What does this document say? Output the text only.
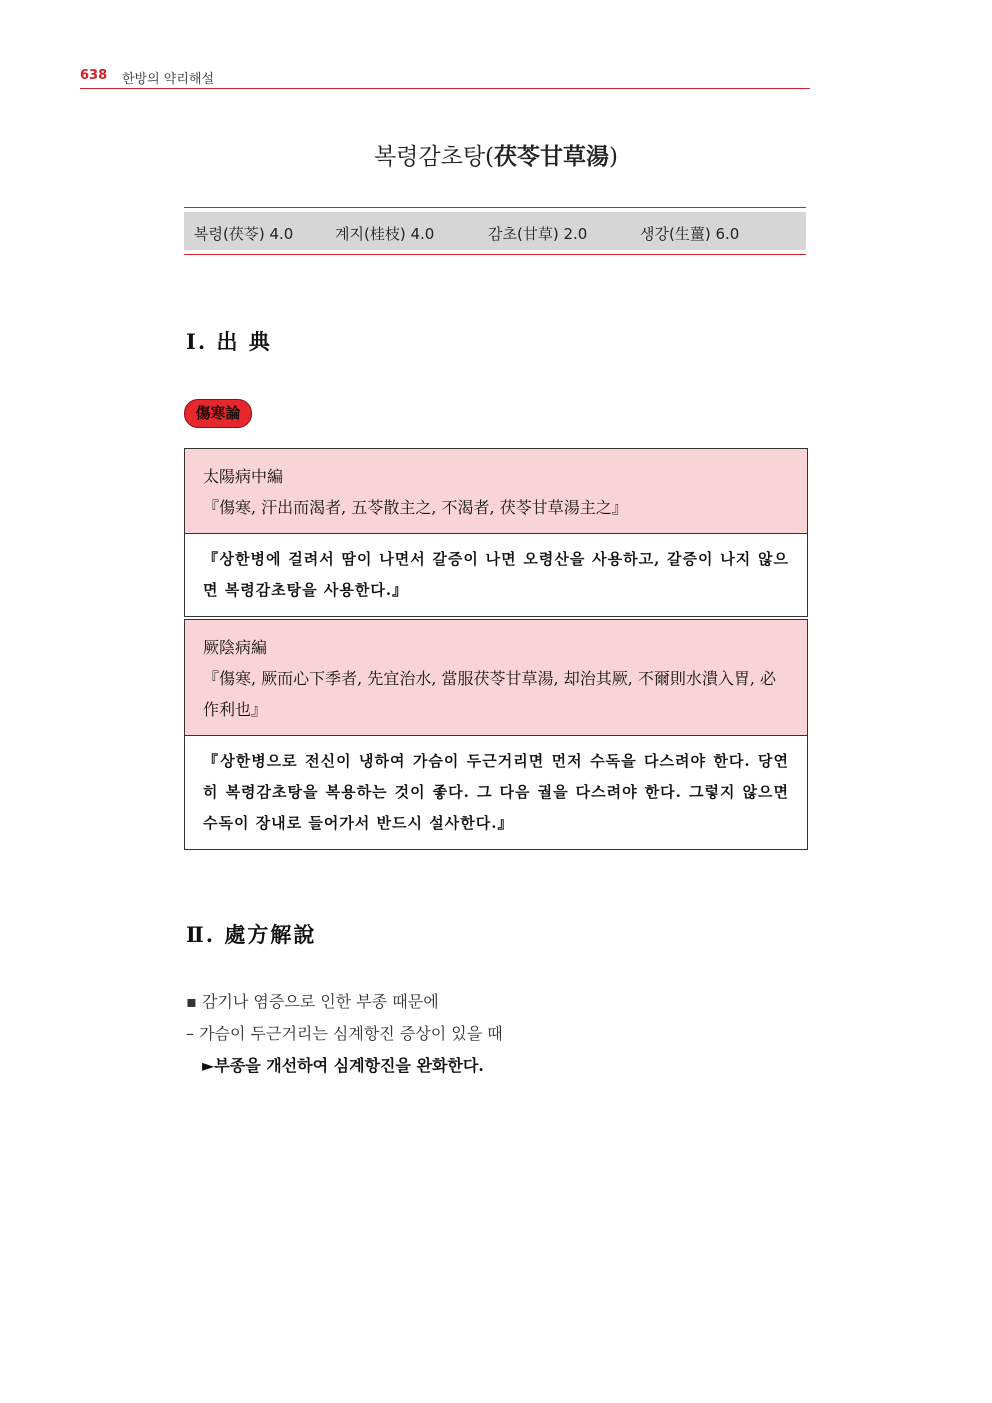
638 한방의 약리해설
복령감초탕(茯苓甘草湯)
복령(茯苓) 4.0	계지(桂枝) 4.0	감초(甘草) 2.0	생강(生薑) 6.0
Ⅰ. 出 典
傷寒論
太陽病中編
『傷寒, 汗出而渴者, 五苓散主之, 不渴者, 茯苓甘草湯主之』
『상한병에 걸려서 땀이 나면서 갈증이 나면 오령산을 사용하고, 갈증이 나지 않으면 복령감초탕을 사용한다.』
厥陰病編
『傷寒, 厥而心下季者, 先宜治水, 當服茯苓甘草湯, 却治其厥, 不爾則水潰入胃, 必作利也』
『상한병으로 전신이 냉하여 가슴이 두근거리면 먼저 수독을 다스려야 한다. 당연히 복령감초탕을 복용하는 것이 좋다. 그 다음 궐을 다스려야 한다. 그렇지 않으면 수독이 장내로 들어가서 반드시 설사한다.』
Ⅱ. 處方解說
▪ 감기나 염증으로 인한 부종 때문에
– 가슴이 두근거리는 심계항진 증상이 있을 때
►부종을 개선하여 심계항진을 완화한다.
